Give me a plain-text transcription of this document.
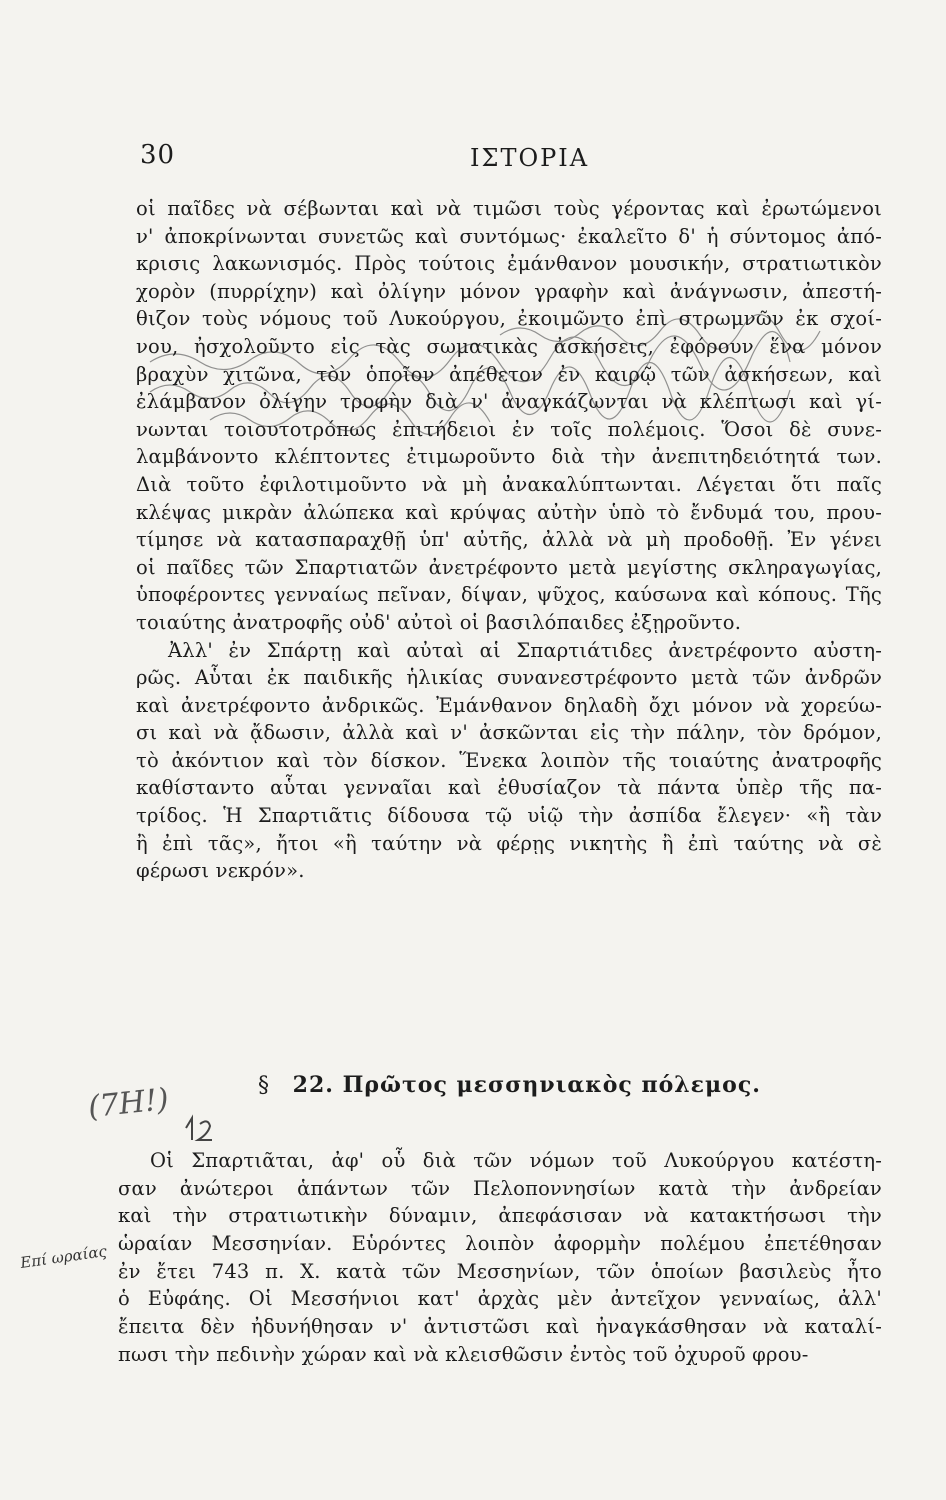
30	ΙΣΤΟΡΙΑ
(7Η!)
οἱ παῖδες νὰ σέβωνται καὶ νὰ τιμῶσι τοὺς γέροντας καὶ ἐρωτώμενοι
ν' ἀποκρίνωνται συνετῶς καὶ συντόμως· ἐκαλεῖτο δ' ἡ σύντομος ἀπό-
κρισις λακωνισμός. Πρὸς τούτοις ἐμάνθανον μουσικήν, στρατιωτικὸν
χορὸν (πυρρίχην) καὶ ὀλίγην μόνον γραφὴν καὶ ἀνάγνωσιν, ἀπεστή-
θιζον τοὺς νόμους τοῦ Λυκούργου, ἐκοιμῶντο ἐπὶ στρωμνῶν ἐκ σχοί-
νου, ἠσχολοῦντο εἰς τὰς σωματικὰς ἀσκήσεις, ἐφόρουν ἕνα μόνον
βραχὺν χιτῶνα, τὸν ὁποῖον ἀπέθετον ἐν καιρῷ τῶν ἀσκήσεων, καὶ
ἐλάμβανον ὀλίγην τροφὴν διὰ ν' ἀναγκάζωνται νὰ κλέπτωσι καὶ γί-
νωνται τοιουτοτρόπως ἐπιτήδειοι ἐν τοῖς πολέμοις. Ὅσοι δὲ συνε-
λαμβάνοντο κλέπτοντες ἐτιμωροῦντο διὰ τὴν ἀνεπιτηδειότητά των.
Διὰ τοῦτο ἐφιλοτιμοῦντο νὰ μὴ ἀνακαλύπτωνται. Λέγεται ὅτι παῖς
κλέψας μικρὰν ἀλώπεκα καὶ κρύψας αὐτὴν ὑπὸ τὸ ἔνδυμά του, πρου-
τίμησε νὰ κατασπαραχθῇ ὑπ' αὐτῆς, ἀλλὰ νὰ μὴ προδοθῇ. Ἐν γένει
οἱ παῖδες τῶν Σπαρτιατῶν ἀνετρέφοντο μετὰ μεγίστης σκληραγωγίας,
ὑποφέροντες γενναίως πεῖναν, δίψαν, ψῦχος, καύσωνα καὶ κόπους. Τῆς
τοιαύτης ἀνατροφῆς οὐδ' αὐτοὶ οἱ βασιλόπαιδες ἐξῃροῦντο.
Ἀλλ' ἐν Σπάρτῃ καὶ αὐταὶ αἱ Σπαρτιάτιδες ἀνετρέφοντο αὐστη-
ρῶς. Αὗται ἐκ παιδικῆς ἡλικίας συνανεστρέφοντο μετὰ τῶν ἀνδρῶν
καὶ ἀνετρέφοντο ἀνδρικῶς. Ἐμάνθανον δηλαδὴ ὄχι μόνον νὰ χορεύω-
σι καὶ νὰ ᾄδωσιν, ἀλλὰ καὶ ν' ἀσκῶνται εἰς τὴν πάλην, τὸν δρόμον,
τὸ ἀκόντιον καὶ τὸν δίσκον. Ἕνεκα λοιπὸν τῆς τοιαύτης ἀνατροφῆς
καθίσταντο αὗται γενναῖαι καὶ ἐθυσίαζον τὰ πάντα ὑπὲρ τῆς πα-
τρίδος. Ἡ Σπαρτιᾶτις δίδουσα τῷ υἱῷ τὴν ἀσπίδα ἔλεγεν· «ἢ τὰν
ἢ ἐπὶ τᾶς», ἤτοι «ἢ ταύτην νὰ φέρῃς νικητὴς ἢ ἐπὶ ταύτης νὰ σὲ
φέρωσι νεκρόν».
§ 22. Πρῶτος μεσσηνιακὸς πόλεμος.
Επί ωραίας
Οἱ Σπαρτιᾶται, ἀφ' οὗ διὰ τῶν νόμων τοῦ Λυκούργου κατέστη-
σαν ἀνώτεροι ἁπάντων τῶν Πελοποννησίων κατὰ τὴν ἀνδρείαν
καὶ τὴν στρατιωτικὴν δύναμιν, ἀπεφάσισαν νὰ κατακτήσωσι τὴν
ὡραίαν Μεσσηνίαν. Εὑρόντες λοιπὸν ἀφορμὴν πολέμου ἐπετέθησαν
ἐν ἔτει 743 π. Χ. κατὰ τῶν Μεσσηνίων, τῶν ὁποίων βασιλεὺς ἦτο
ὁ Εὐφάης. Οἱ Μεσσήνιοι κατ' ἀρχὰς μὲν ἀντεῖχον γενναίως, ἀλλ'
ἔπειτα δὲν ἠδυνήθησαν ν' ἀντιστῶσι καὶ ἠναγκάσθησαν νὰ καταλί-
πωσι τὴν πεδινὴν χώραν καὶ νὰ κλεισθῶσιν ἐντὸς τοῦ ὀχυροῦ φρου-
